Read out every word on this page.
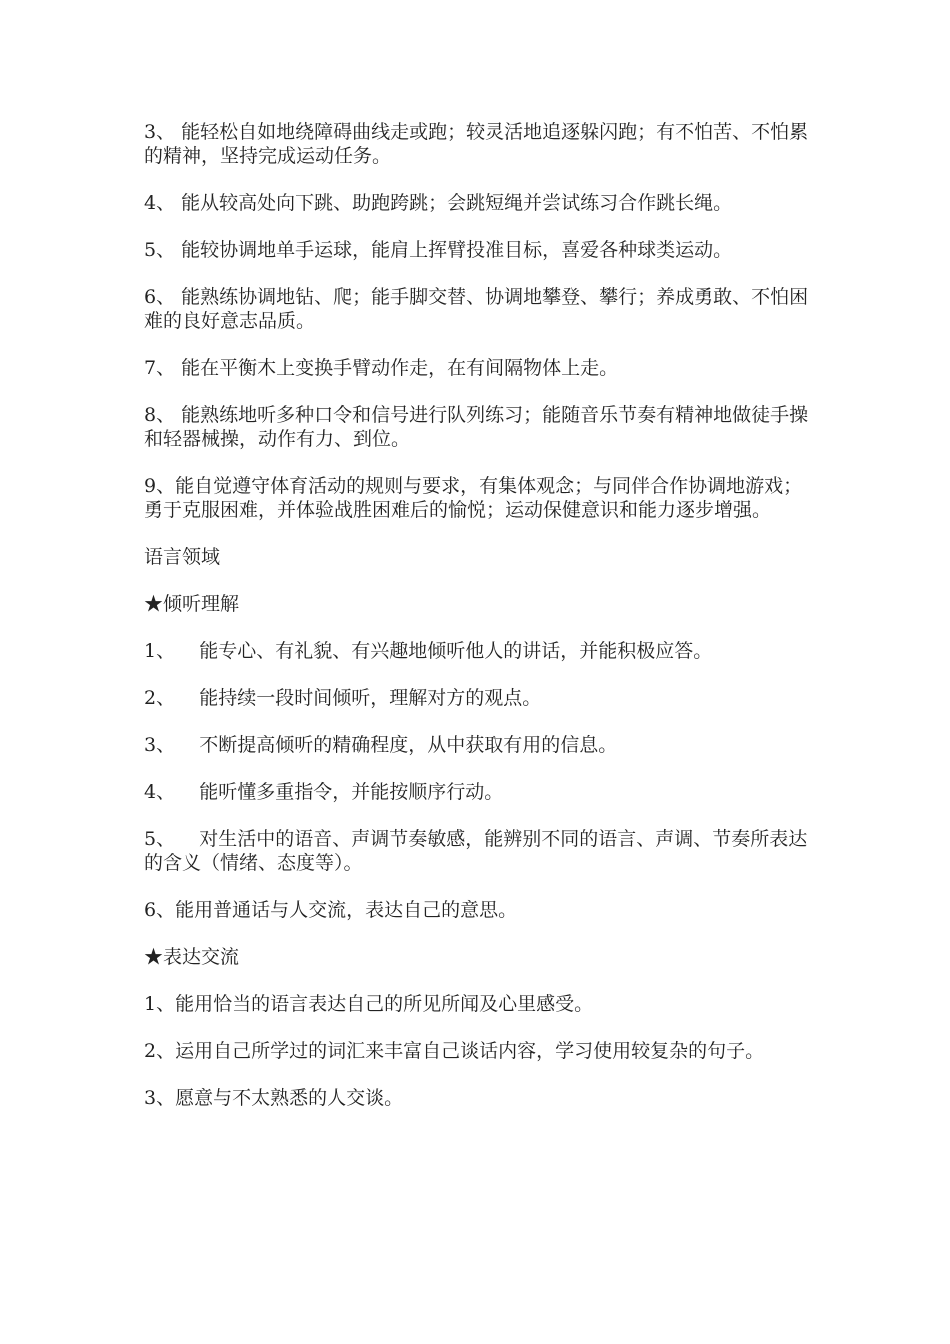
3、 能轻松自如地绕障碍曲线走或跑；较灵活地追逐躲闪跑；有不怕苦、不怕累的精神，坚持完成运动任务。

4、 能从较高处向下跳、助跑跨跳；会跳短绳并尝试练习合作跳长绳。

5、 能较协调地单手运球，能肩上挥臂投准目标，喜爱各种球类运动。

6、 能熟练协调地钻、爬；能手脚交替、协调地攀登、攀行；养成勇敢、不怕困难的良好意志品质。

7、 能在平衡木上变换手臂动作走，在有间隔物体上走。

8、 能熟练地听多种口令和信号进行队列练习；能随音乐节奏有精神地做徒手操和轻器械操，动作有力、到位。

9、能自觉遵守体育活动的规则与要求，有集体观念；与同伴合作协调地游戏；勇于克服困难，并体验战胜困难后的愉悦；运动保健意识和能力逐步增强。

语言领域

★倾听理解

1、    能专心、有礼貌、有兴趣地倾听他人的讲话，并能积极应答。

2、    能持续一段时间倾听，理解对方的观点。

3、    不断提高倾听的精确程度，从中获取有用的信息。

4、    能听懂多重指令，并能按顺序行动。

5、    对生活中的语音、声调节奏敏感，能辨别不同的语言、声调、节奏所表达的含义（情绪、态度等）。

6、能用普通话与人交流，表达自己的意思。

★表达交流

1、能用恰当的语言表达自己的所见所闻及心里感受。

2、运用自己所学过的词汇来丰富自己谈话内容，学习使用较复杂的句子。

3、愿意与不太熟悉的人交谈。
